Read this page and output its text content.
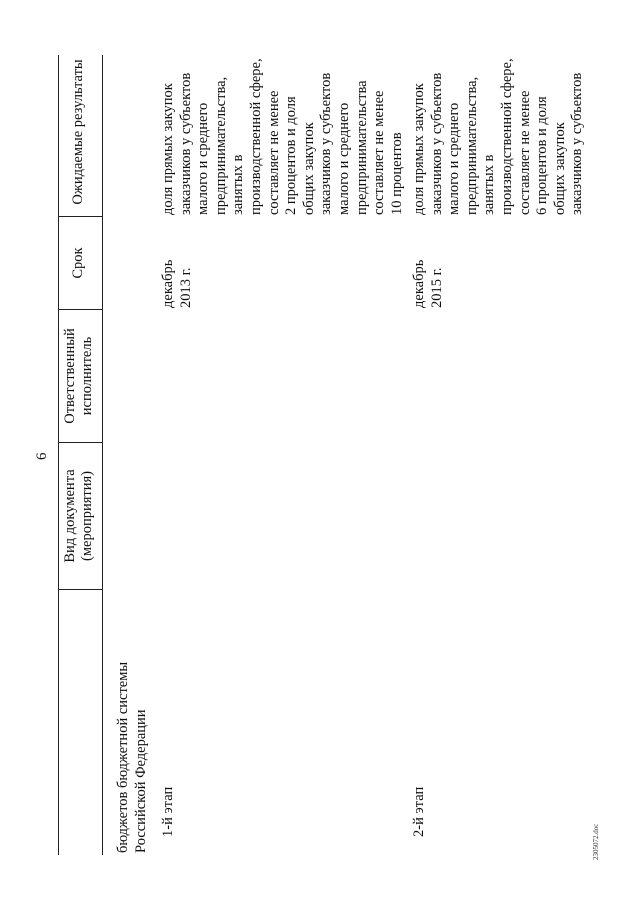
6
Вид документа (мероприятия)
Ответственный исполнитель
Срок
Ожидаемые результаты
бюджетов бюджетной системы Российской Федерации 1-й этап
декабрь 2013 г.
доля прямых закупок заказчиков у субъектов малого и среднего предпринимательства, занятых в производственной сфере, составляет не менее 2 процентов и доля общих закупок заказчиков у субъектов малого и среднего предпринимательства составляет не менее 10 процентов
2-й этап
декабрь 2015 г.
доля прямых закупок заказчиков у субъектов малого и среднего предпринимательства, занятых в производственной сфере, составляет не менее 6 процентов и доля общих закупок заказчиков у субъектов
2305072.doc
